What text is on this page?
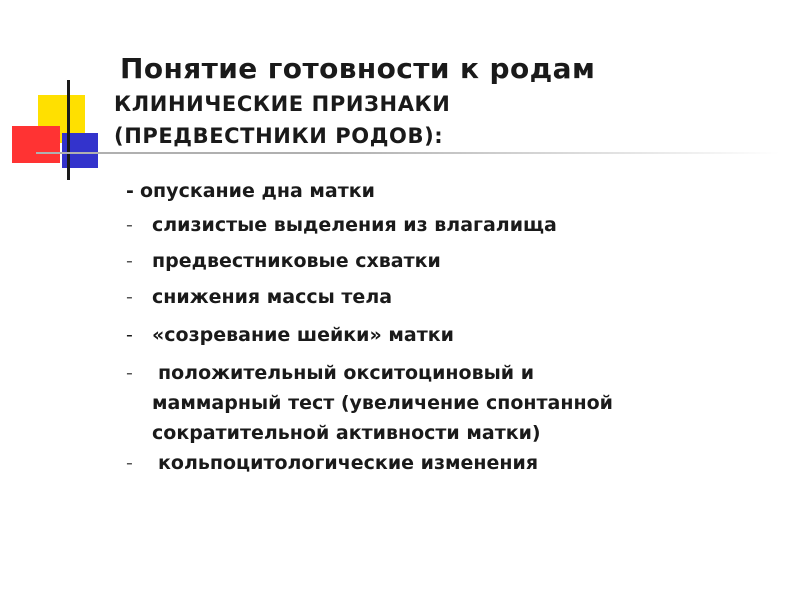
Понятие готовности к родам
КЛИНИЧЕСКИЕ ПРИЗНАКИ
(ПРЕДВЕСТНИКИ РОДОВ):
- опускание дна матки
- слизистые выделения из влагалища
- предвестниковые схватки
- снижения массы тела
- «созревание шейки» матки
-	положительный окситоциновый и
маммарный тест (увеличение спонтанной
сократительной активности матки)
- кольпоцитологические изменения
